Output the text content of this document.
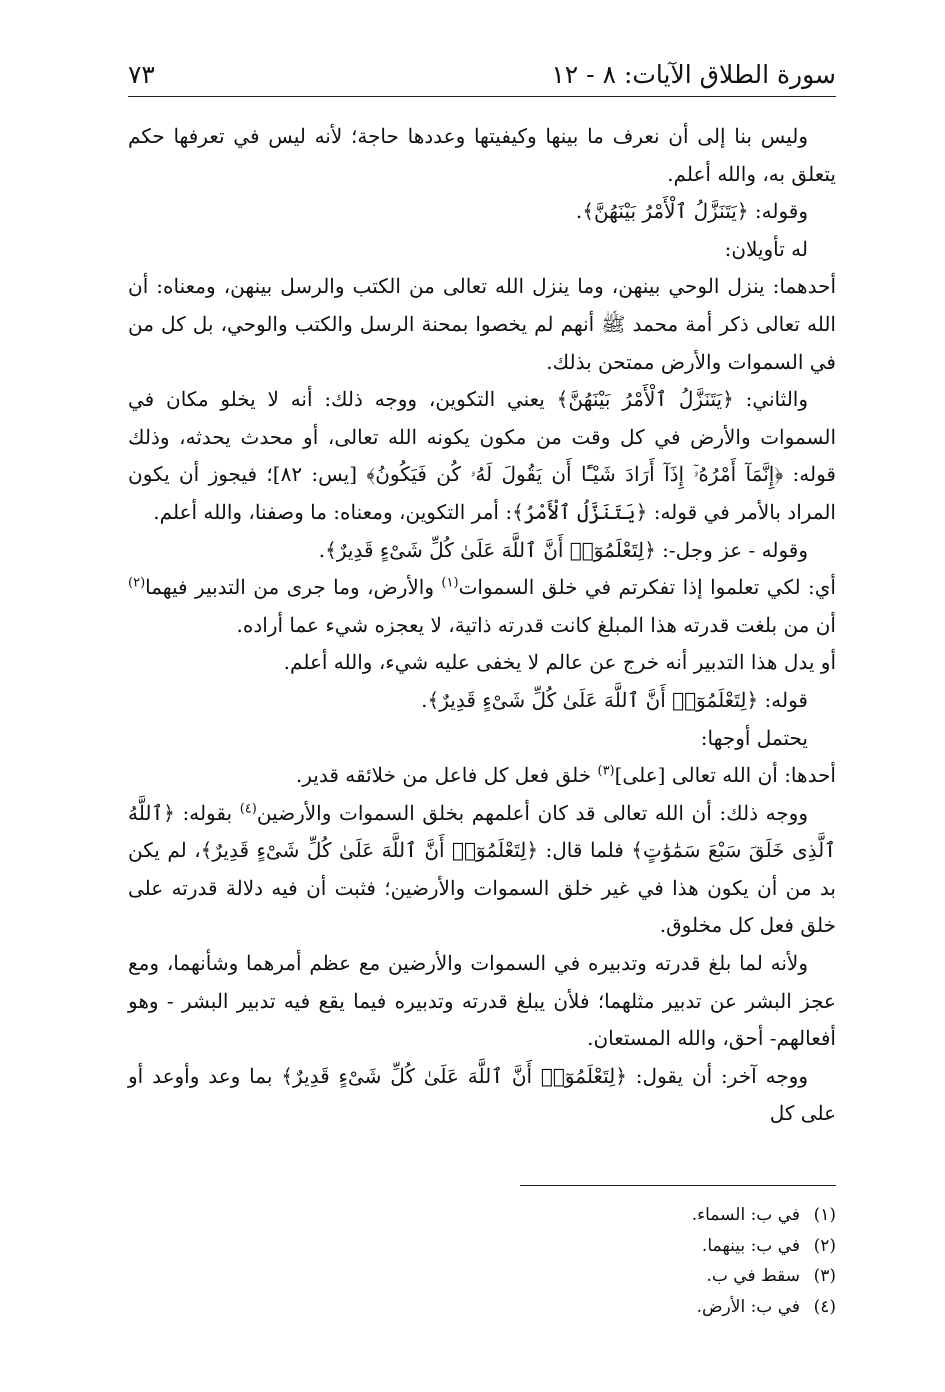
سورة الطلاق الآيات: ٨ - ١٢
٧٣

وليس بنا إلى أن نعرف ما بينها وكيفيتها وعددها حاجة؛ لأنه ليس في تعرفها حكم يتعلق به، والله أعلم.

وقوله: ﴿يَتَنَزَّلُ ٱلْأَمْرُ بَيْنَهُنَّ﴾.

له تأويلان:

أحدهما: ينزل الوحي بينهن، وما ينزل الله تعالى من الكتب والرسل بينهن، ومعناه: أن الله تعالى ذكر أمة محمد ﷺ أنهم لم يخصوا بمحنة الرسل والكتب والوحي، بل كل من في السموات والأرض ممتحن بذلك.

والثاني: ﴿يَتَنَزَّلُ ٱلْأَمْرُ بَيْنَهُنَّ﴾ يعني التكوين، ووجه ذلك: أنه لا يخلو مكان في السموات والأرض في كل وقت من مكون يكونه الله تعالى، أو محدث يحدثه، وذلك قوله: ﴿إِنَّمَآ أَمْرُهُۥٓ إِذَآ أَرَادَ شَيْـًٔا أَن يَقُولَ لَهُۥ كُن فَيَكُونُ﴾ [يس: ٨٢]؛ فيجوز أن يكون المراد بالأمر في قوله: ﴿يَتَنَزَّلُ ٱلْأَمْرُ﴾: أمر التكوين، ومعناه: ما وصفنا، والله أعلم.

وقوله - عز وجل-: ﴿لِتَعْلَمُوٓا۟ أَنَّ ٱللَّهَ عَلَىٰ كُلِّ شَىْءٍ قَدِيرٌ﴾.

أي: لكي تعلموا إذا تفكرتم في خلق السموات$^{(١)}$ والأرض، وما جرى من التدبير فيهما$^{(٢)}$ أن من بلغت قدرته هذا المبلغ كانت قدرته ذاتية، لا يعجزه شيء عما أراده.

أو يدل هذا التدبير أنه خرج عن عالم لا يخفى عليه شيء، والله أعلم.

قوله: ﴿لِتَعْلَمُوٓا۟ أَنَّ ٱللَّهَ عَلَىٰ كُلِّ شَىْءٍ قَدِيرٌ﴾.

يحتمل أوجها:

أحدها: أن الله تعالى [على]$^{(٣)}$ خلق فعل كل فاعل من خلائقه قدير.

ووجه ذلك: أن الله تعالى قد كان أعلمهم بخلق السموات والأرضين$^{(٤)}$ بقوله: ﴿ٱللَّهُ ٱلَّذِى خَلَقَ سَبْعَ سَمَٰوَٰتٍ﴾ فلما قال: ﴿لِتَعْلَمُوٓا۟ أَنَّ ٱللَّهَ عَلَىٰ كُلِّ شَىْءٍ قَدِيرٌ﴾، لم يكن بد من أن يكون هذا في غير خلق السموات والأرضين؛ فثبت أن فيه دلالة قدرته على خلق فعل كل مخلوق.

ولأنه لما بلغ قدرته وتدبيره في السموات والأرضين مع عظم أمرهما وشأنهما، ومع عجز البشر عن تدبير مثلهما؛ فلأن يبلغ قدرته وتدبيره فيما يقع فيه تدبير البشر - وهو أفعالهم- أحق، والله المستعان.

ووجه آخر: أن يقول: ﴿لِتَعْلَمُوٓا۟ أَنَّ ٱللَّهَ عَلَىٰ كُلِّ شَىْءٍ قَدِيرٌ﴾ بما وعد وأوعد أو على كل

(١)في ب: السماء.
(٢)في ب: بينهما.
(٣)سقط في ب.
(٤)في ب: الأرض.
